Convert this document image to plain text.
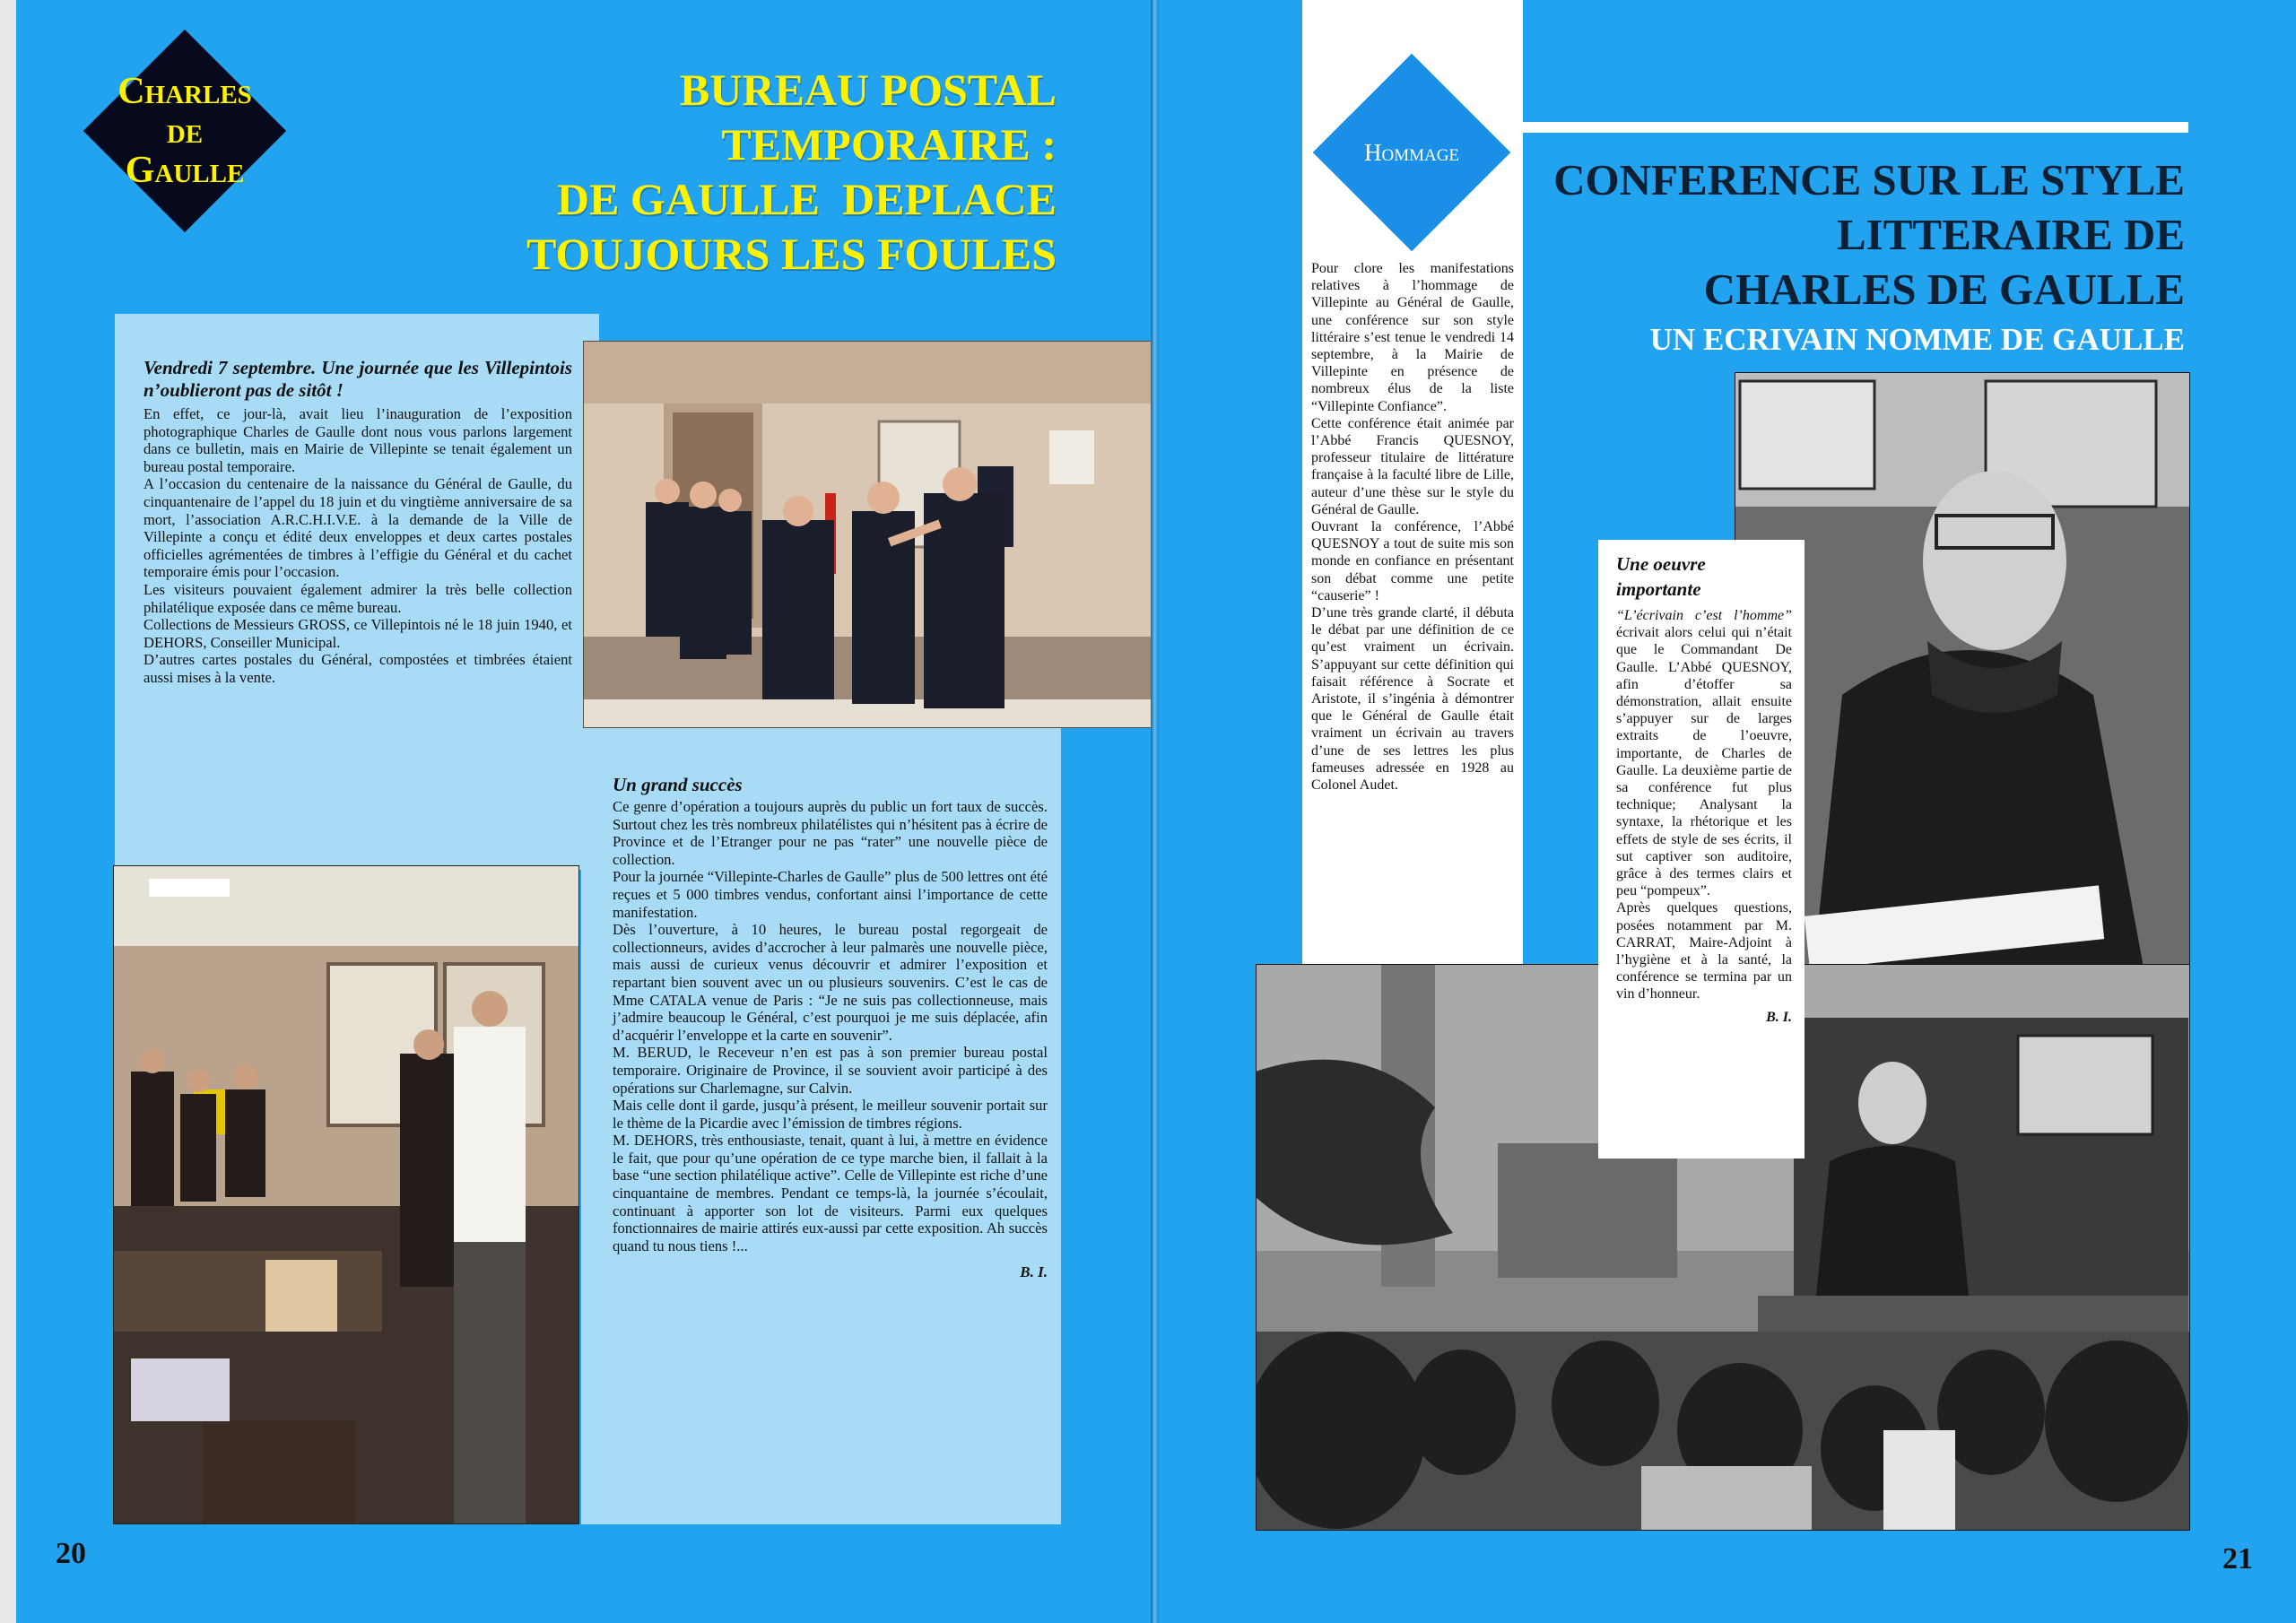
Charles
de
Gaulle
BUREAU POSTAL
TEMPORAIRE :
DE GAULLE  DEPLACE
TOUJOURS LES FOULES
Vendredi 7 septembre. Une journée que les Villepintois n’oublieront pas de sitôt !

En effet, ce jour-là, avait lieu l’inauguration de l’exposition photographique Charles de Gaulle dont nous vous parlons largement dans ce bulletin, mais en Mairie de Villepinte se tenait également un bureau postal temporaire.

A l’occasion du centenaire de la naissance du Général de Gaulle, du cinquantenaire de l’appel du 18 juin et du vingtième anniversaire de sa mort, l’association A.R.C.H.I.V.E. à la demande de la Ville de Villepinte a conçu et édité deux enveloppes et deux cartes postales officielles agrémentées de timbres à l’effigie du Général et du cachet temporaire émis pour l’occasion.

Les visiteurs pouvaient également admirer la très belle collection philatélique exposée dans ce même bureau.

Collections de Messieurs GROSS, ce Villepintois né le 18 juin 1940, et DEHORS, Conseiller Municipal.

D’autres cartes postales du Général, compostées et timbrées étaient aussi mises à la vente.

Un grand succès

Ce genre d’opération a toujours auprès du public un fort taux de succès. Surtout chez les très nombreux philatélistes qui n’hésitent pas à écrire de Province et de l’Etranger pour ne pas “rater” une nouvelle pièce de collection.

Pour la journée “Villepinte-Charles de Gaulle” plus de 500 lettres ont été reçues et 5 000 timbres vendus, confortant ainsi l’importance de cette manifestation.

Dès l’ouverture, à 10 heures, le bureau postal regorgeait de collectionneurs, avides d’accrocher à leur palmarès une nouvelle pièce, mais aussi de curieux venus découvrir et admirer l’exposition et repartant bien souvent avec un ou plusieurs souvenirs. C’est le cas de Mme CATALA venue de Paris : “Je ne suis pas collectionneuse, mais j’admire beaucoup le Général, c’est pourquoi je me suis déplacée, afin d’acquérir l’enveloppe et la carte en souvenir”.

M. BERUD, le Receveur n’en est pas à son premier bureau postal temporaire. Originaire de Province, il se souvient avoir participé à des opérations sur Charlemagne, sur Calvin.

Mais celle dont il garde, jusqu’à présent, le meilleur souvenir portait sur le thème de la Picardie avec l’émission de timbres régions.

M. DEHORS, très enthousiaste, tenait, quant à lui, à mettre en évidence le fait, que pour qu’une opération de ce type marche bien, il fallait à la base “une section philatélique active”. Celle de Villepinte est riche d’une cinquantaine de membres. Pendant ce temps-là, la journée s’écoulait, continuant à apporter son lot de visiteurs. Parmi eux quelques fonctionnaires de mairie attirés eux-aussi par cette exposition. Ah succès quand tu nous tiens !...

B. I.
20
Hommage
CONFERENCE SUR LE STYLE
LITTERAIRE DE
CHARLES DE GAULLE
UN ECRIVAIN NOMME DE GAULLE

Pour clore les manifestations relatives à l’hommage de Villepinte au Général de Gaulle, une conférence sur son style littéraire s’est tenue le vendredi 14 septembre, à la Mairie de Villepinte en présence de nombreux élus de la liste “Villepinte Confiance”.

Cette conférence était animée par l’Abbé Francis QUESNOY, professeur titulaire de littérature française à la faculté libre de Lille, auteur d’une thèse sur le style du Général de Gaulle.

Ouvrant la conférence, l’Abbé QUESNOY a tout de suite mis son monde en confiance en présentant son débat comme une petite “causerie” !

D’une très grande clarté, il débuta le débat par une définition de ce qu’est vraiment un écrivain. S’appuyant sur cette définition qui faisait référence à Socrate et Aristote, il s’ingénia à démontrer que le Général de Gaulle était vraiment un écrivain au travers d’une de ses lettres les plus fameuses adressée en 1928 au Colonel Audet.

Une oeuvre importante

“L’écrivain c’est l’homme” écrivait alors celui qui n’était que le Commandant De Gaulle. L’Abbé QUESNOY, afin d’étoffer sa démonstration, allait ensuite s’appuyer sur de larges extraits de l’oeuvre, importante, de Charles de Gaulle. La deuxième partie de sa conférence fut plus technique; Analysant la syntaxe, la rhétorique et les effets de style de ses écrits, il sut captiver son auditoire, grâce à des termes clairs et peu “pompeux”.

Après quelques questions, posées notamment par M. CARRAT, Maire-Adjoint à l’hygiène et à la santé, la conférence se termina par un vin d’honneur.

B. I.
21
